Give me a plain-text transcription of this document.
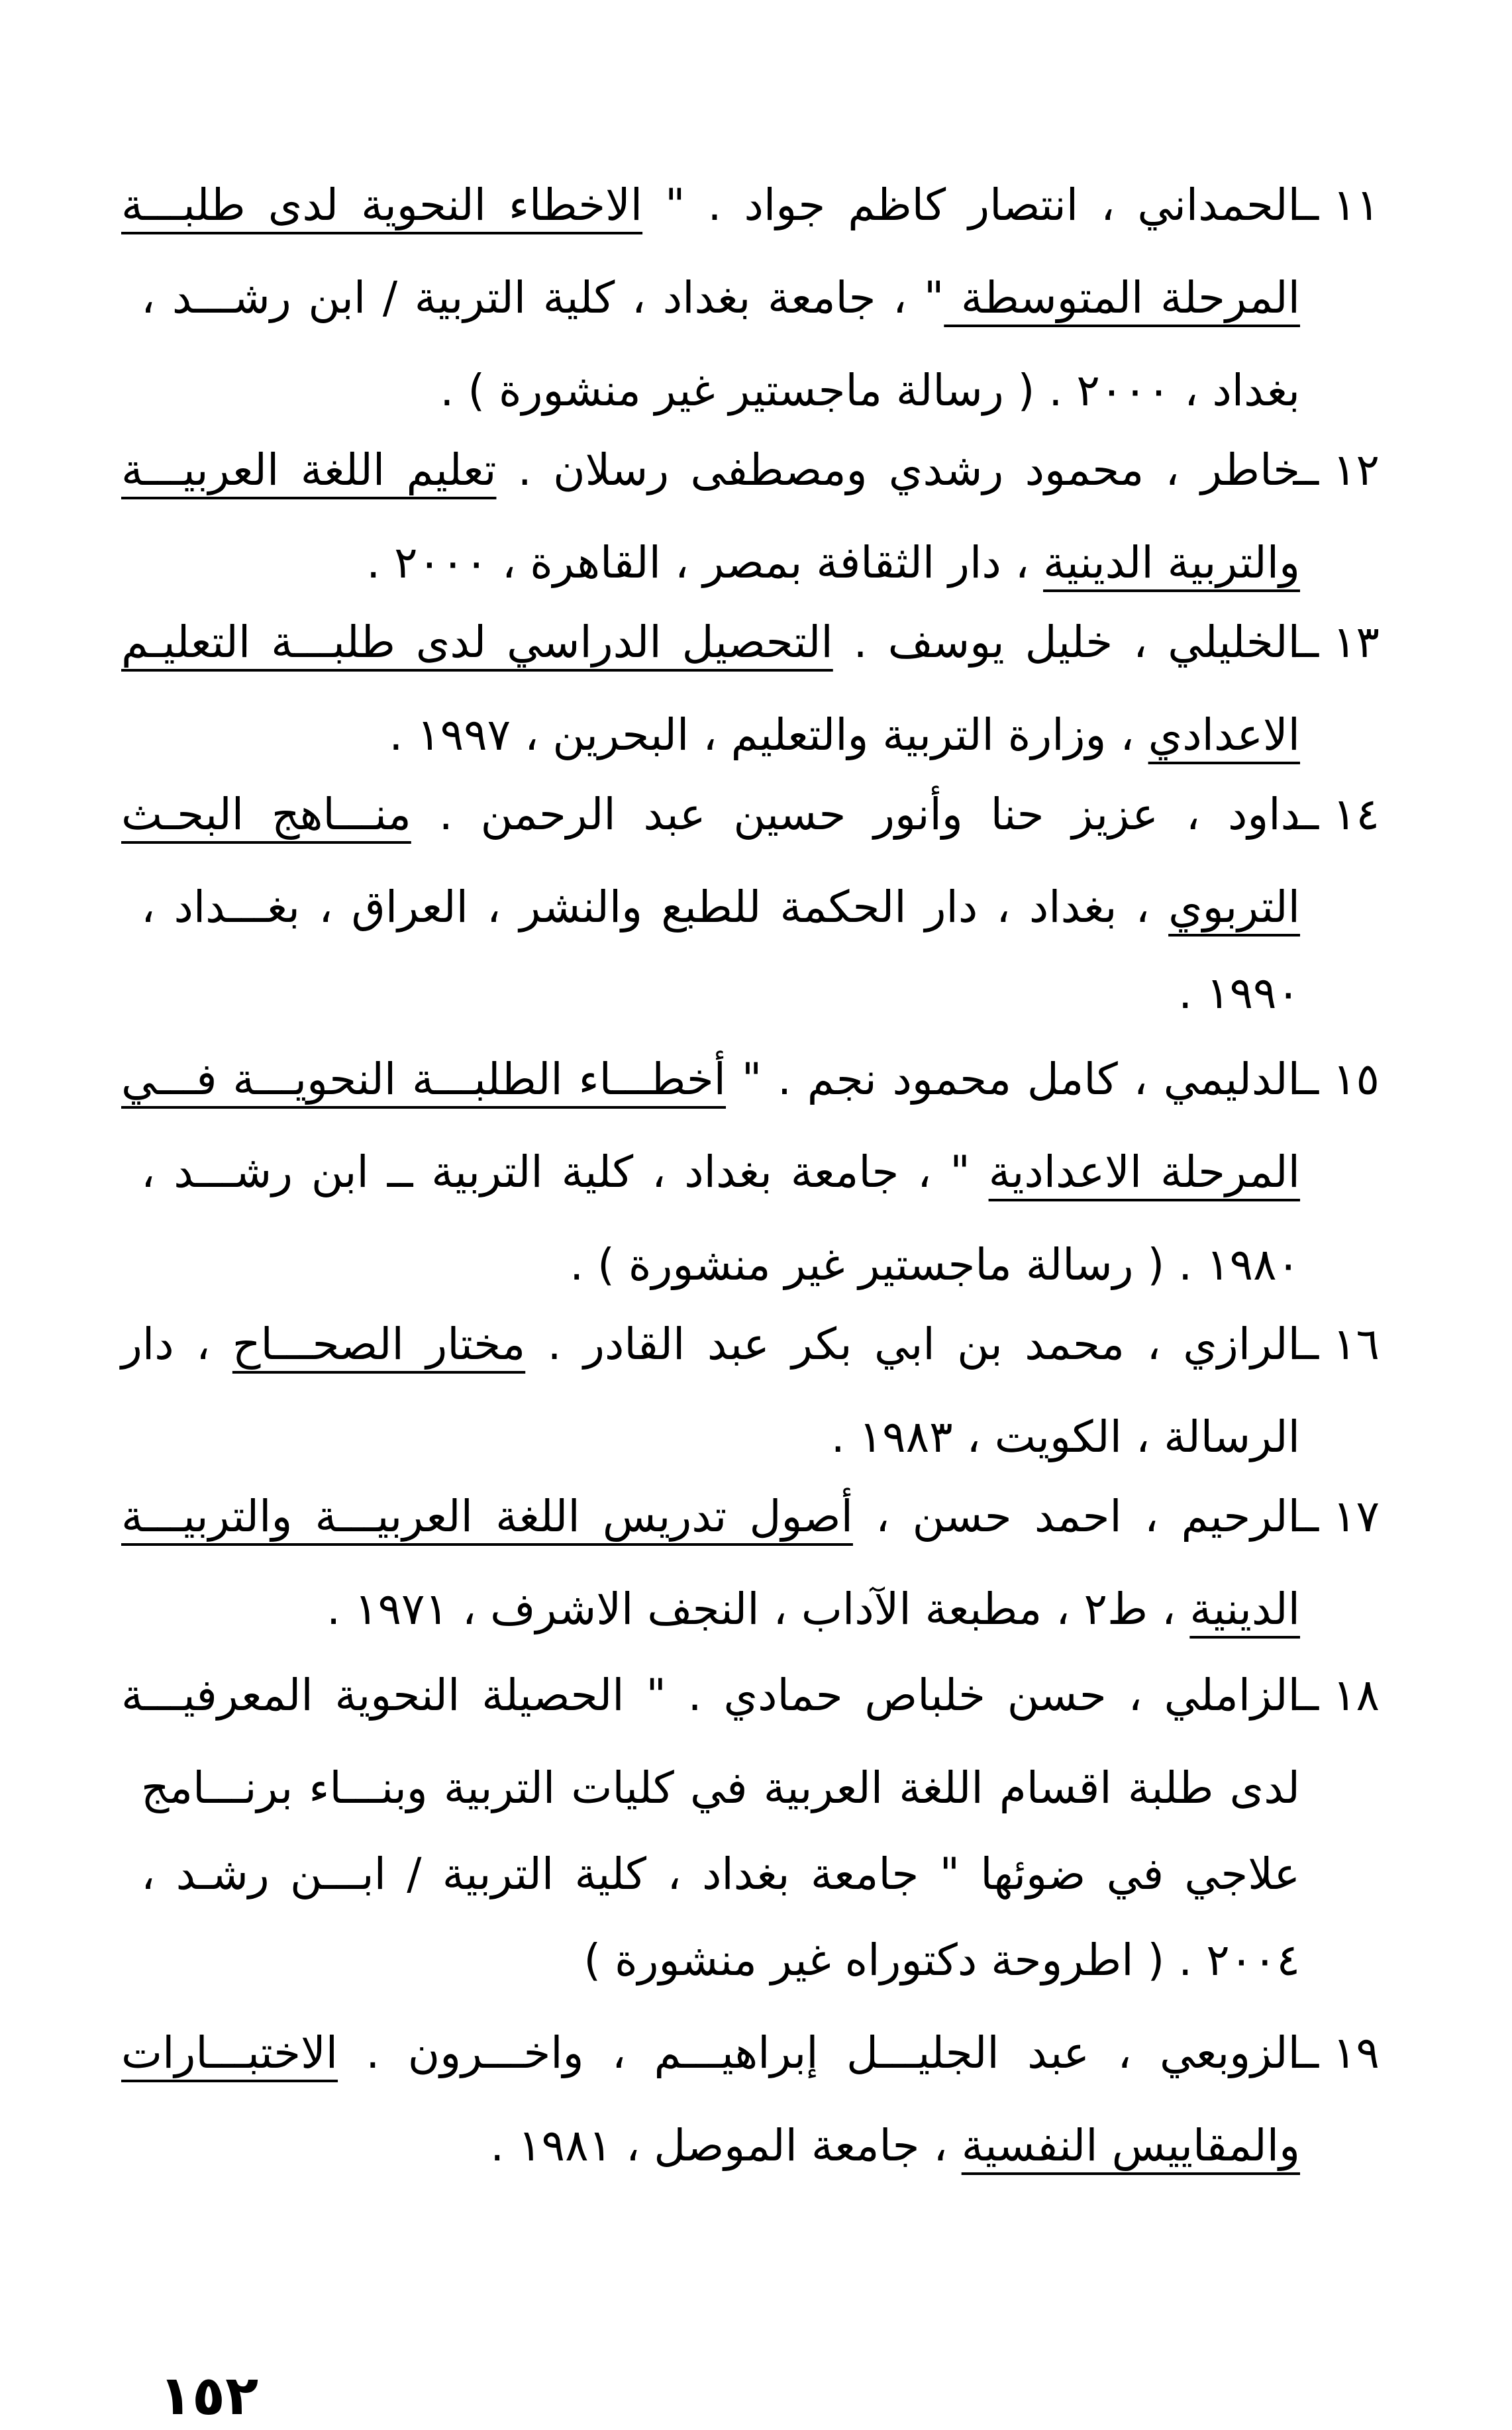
١١ ــالحمداني ، انتصار كاظم جواد . " الاخطاء النحوية لدى طلبـــة
المرحلة المتوسطة " ، جامعة بغداد ، كلية التربية / ابن رشـــد ،
بغداد ، ٢٠٠٠ . ( رسالة ماجستير غير منشورة ) .
١٢ ــخاطر ، محمود رشدي ومصطفى رسلان . تعليم اللغة العربيـــة
والتربية الدينية ، دار الثقافة بمصر ، القاهرة ، ٢٠٠٠ .
١٣ ــالخليلي ، خليل يوسف . التحصيل الدراسي لدى طلبـــة التعليـم
الاعدادي ، وزارة التربية والتعليم ، البحرين ، ١٩٩٧ .
١٤ ــداود ، عزيز حنا وأنور حسين عبد الرحمن . منـــاهج البحـث
التربوي ، بغداد ، دار الحكمة للطبع والنشر ، العراق ، بغـــداد ،
١٩٩٠ .
١٥ ــالدليمي ، كامل محمود نجم . " أخطـــاء الطلبـــة النحويـــة فـــي
المرحلة الاعدادية " ، جامعة بغداد ، كلية التربية ــ ابن رشـــد ،
١٩٨٠ . ( رسالة ماجستير غير منشورة ) .
١٦ ــالرازي ، محمد بن ابي بكر عبد القادر . مختار الصحـــاح ، دار
الرسالة ، الكويت ، ١٩٨٣ .
١٧ ــالرحيم ، احمد حسن ، أصول تدريس اللغة العربيـــة والتربيـــة
الدينية ، ط٢ ، مطبعة الآداب ، النجف الاشرف ، ١٩٧١ .
١٨ ــالزاملي ، حسن خلباص حمادي . " الحصيلة النحوية المعرفيـــة
لدى طلبة اقسام اللغة العربية في كليات التربية وبنـــاء برنـــامج
علاجي في ضوئها " جامعة بغداد ، كلية التربية / ابـــن رشـد ،
٢٠٠٤ . ( اطروحة دكتوراه غير منشورة )
١٩ ــالزوبعي ، عبد الجليـــل إبراهيـــم ، واخـــرون . الاختبـــارات
والمقاييس النفسية ، جامعة الموصل ، ١٩٨١ .
١٥٢
